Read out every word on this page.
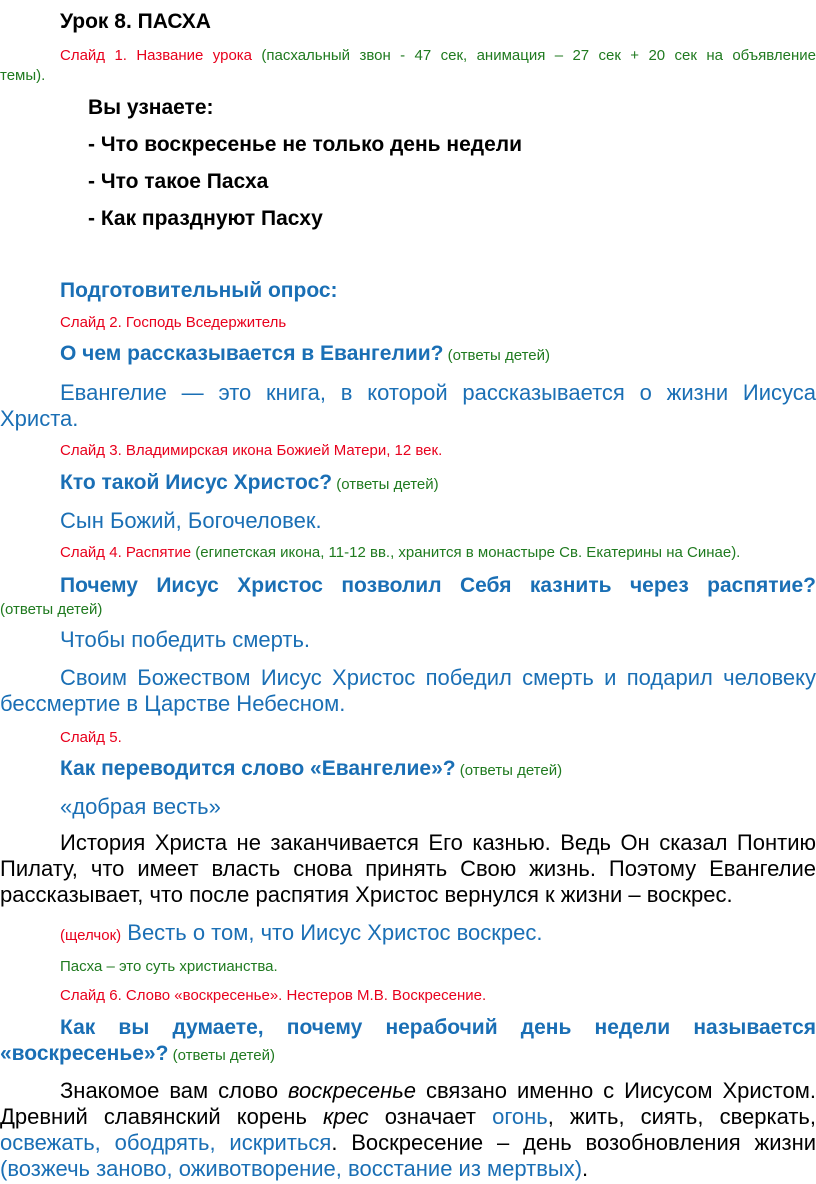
Урок 8. ПАСХА
Слайд 1. Название урока (пасхальный звон - 47 сек, анимация – 27 сек + 20 сек на объявление
темы).
Вы узнаете:
- Что воскресенье не только день недели
- Что такое Пасха
- Как празднуют Пасху
Подготовительный опрос:
Слайд 2. Господь Вседержитель
О чем рассказывается в Евангелии? (ответы детей)
Евангелие — это книга, в которой рассказывается о жизни Иисуса
Христа.
Слайд 3. Владимирская икона Божией Матери, 12 век.
Кто такой Иисус Христос? (ответы детей)
Сын Божий, Богочеловек.
Слайд 4. Распятие (египетская икона, 11-12 вв., хранится в монастыре Св. Екатерины на Синае).
Почему Иисус Христос позволил Себя казнить через распятие?
(ответы детей)
Чтобы победить смерть.
Своим Божеством Иисус Христос победил смерть и подарил человеку
бессмертие в Царстве Небесном.
Слайд 5.
Как переводится слово «Евангелие»? (ответы детей)
«добрая весть»
История Христа не заканчивается Его казнью. Ведь Он сказал Понтию
Пилату, что имеет власть снова принять Свою жизнь. Поэтому Евангелие
рассказывает, что после распятия Христос вернулся к жизни – воскрес.
(щелчок) Весть о том, что Иисус Христос воскрес.
Пасха – это суть христианства.
Слайд 6. Слово «воскресенье». Нестеров М.В. Воскресение.
Как вы думаете, почему нерабочий день недели называется
«воскресенье»? (ответы детей)
Знакомое вам слово воскресенье связано именно с Иисусом Христом.
Древний славянский корень крес означает огонь, жить, сиять, сверкать,
освежать, ободрять, искриться. Воскресение – день возобновления жизни
(возжечь заново, оживотворение, восстание из мертвых).
